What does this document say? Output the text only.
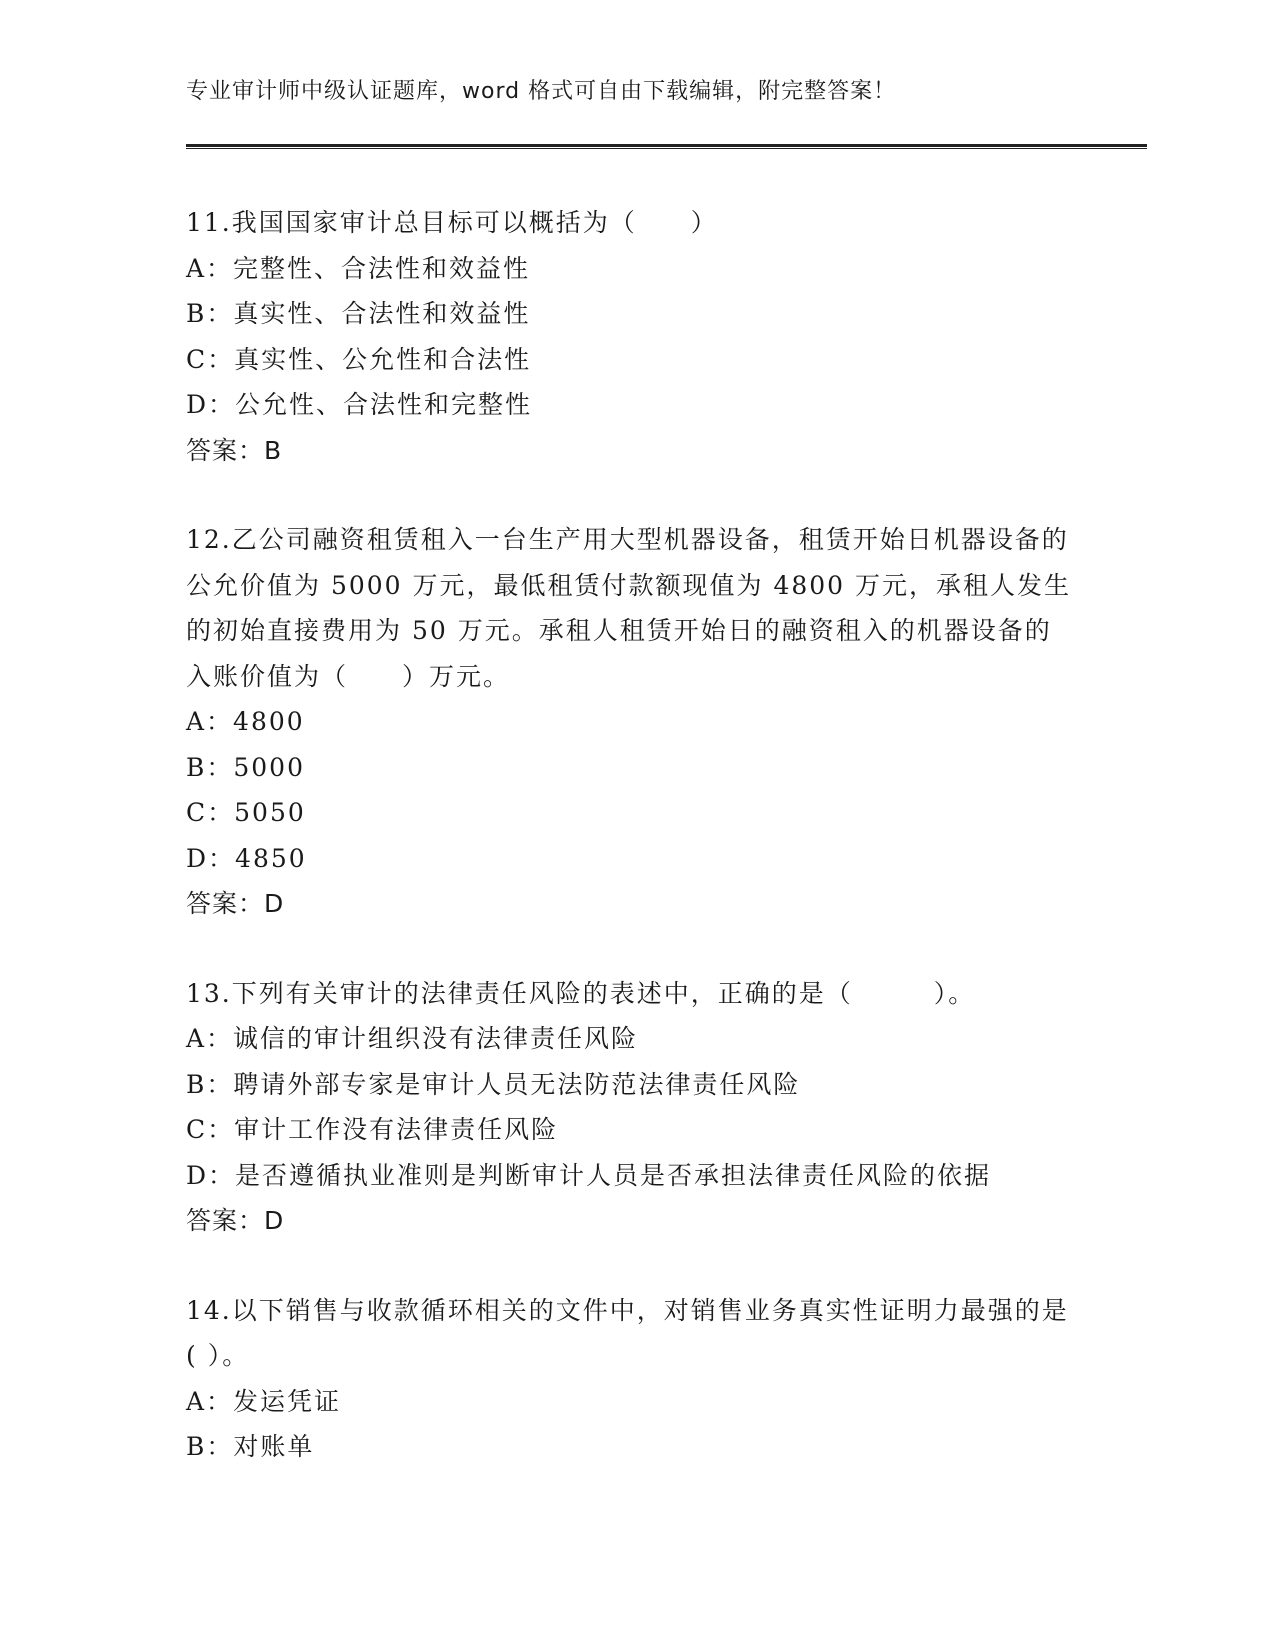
专业审计师中级认证题库，word 格式可自由下载编辑，附完整答案！

11.我国国家审计总目标可以概括为（　　）

A：完整性、合法性和效益性

B：真实性、合法性和效益性

C：真实性、公允性和合法性

D：公允性、合法性和完整性

答案：B

12.乙公司融资租赁租入一台生产用大型机器设备，租赁开始日机器设备的公允价值为 5000 万元，最低租赁付款额现值为 4800 万元，承租人发生的初始直接费用为 50 万元。承租人租赁开始日的融资租入的机器设备的入账价值为（　　）万元。

A：4800

B：5000

C：5050

D：4850

答案：D

13.下列有关审计的法律责任风险的表述中，正确的是（　　　）。

A：诚信的审计组织没有法律责任风险

B：聘请外部专家是审计人员无法防范法律责任风险

C：审计工作没有法律责任风险

D：是否遵循执业准则是判断审计人员是否承担法律责任风险的依据

答案：D

14.以下销售与收款循环相关的文件中，对销售业务真实性证明力最强的是( ）。

A：发运凭证

B：对账单
